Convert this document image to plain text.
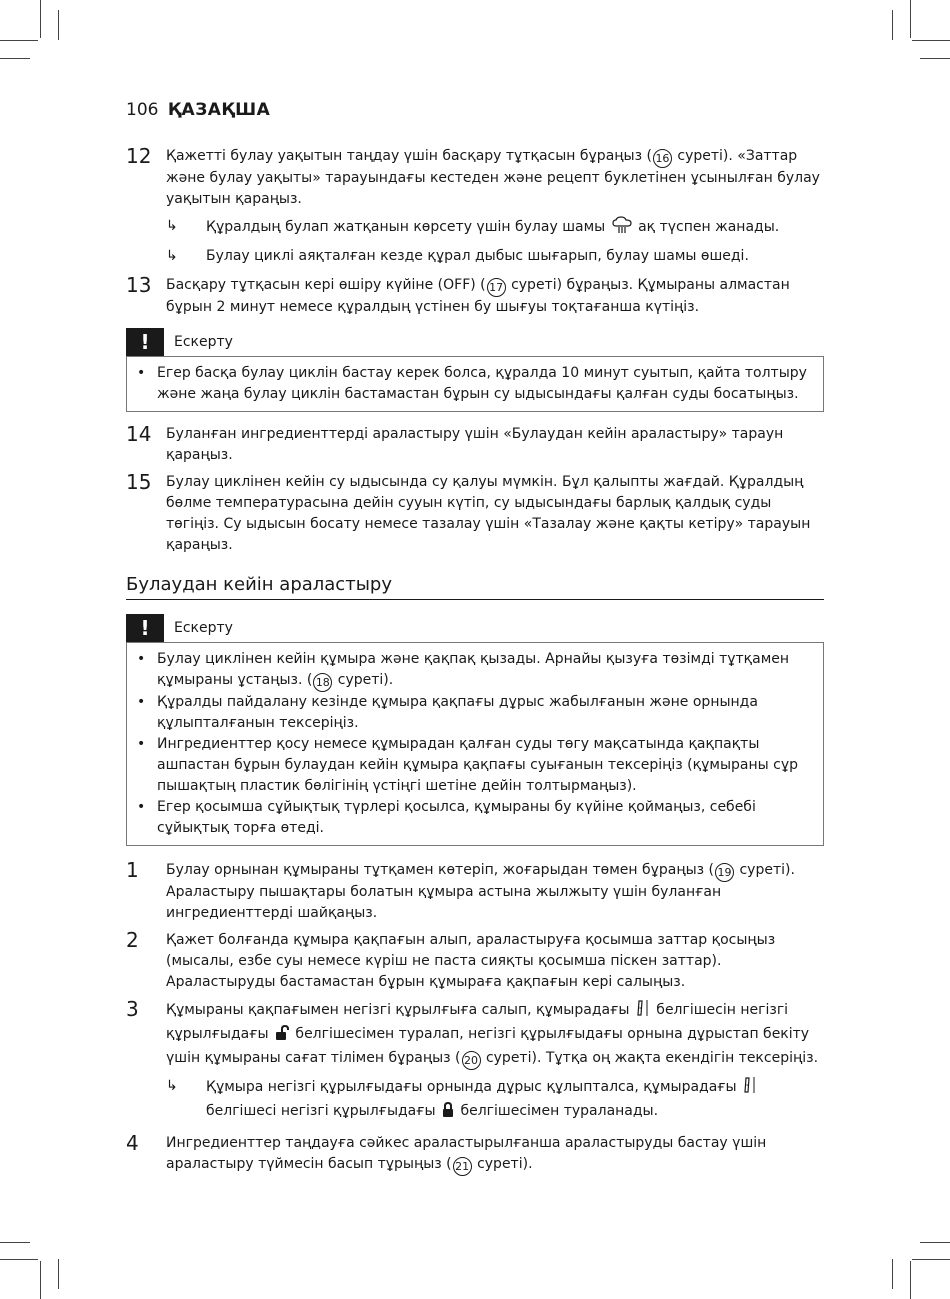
106 ҚАЗАҚША
12 Қажетті булау уақытын таңдау үшін басқару тұтқасын бұраңыз ( 16 суреті). «Заттар және булау уақыты» тарауындағы кестеден және рецепт буклетінен ұсынылған булау уақытын қараңыз.

↳ Құралдың булап жатқанын көрсету үшін булау шамы  ақ түспен жанады.
↳ Булау циклі аяқталған кезде құрал дыбыс шығарып, булау шамы өшеді.
13 Басқару тұтқасын кері өшіру күйіне (OFF) ( 17 суреті) бұраңыз. Құмыраны алмастан бұрын 2 минут немесе құралдың үстінен бу шығуы тоқтағанша күтіңіз.

!	Ескерту

• Егер басқа булау циклін бастау керек болса, құралда 10 минут суытып, қайта толтыру және жаңа булау циклін бастамастан бұрын су ыдысындағы қалған суды босатыңыз.

14 Буланған ингредиенттерді араластыру үшін «Булаудан кейін араластыру» тараун қараңыз.

15 Булау циклінен кейін су ыдысында су қалуы мүмкін. Бұл қалыпты жағдай. Құралдың бөлме температурасына дейін сууын күтіп, су ыдысындағы барлық қалдық суды төгіңіз. Су ыдысын босату немесе тазалау үшін «Тазалау және қақты кетіру» тарауын қараңыз.

Булаудан кейін араластыру
!	Ескерту

• Булау циклінен кейін құмыра және қақпақ қызады. Арнайы қызуға төзімді тұтқамен құмыраны ұстаңыз. ( 18 суреті).

• Құралды пайдалану кезінде құмыра қақпағы дұрыс жабылғанын және орнында құлыпталғанын тексеріңіз.

• Ингредиенттер қосу немесе құмырадан қалған суды төгу мақсатында қақпақты ашпастан бұрын булаудан кейін құмыра қақпағы суығанын тексеріңіз (құмыраны сұр пышақтың пластик бөлігінің үстіңгі шетіне дейін толтырмаңыз).

• Егер қосымша сұйықтық түрлері қосылса, құмыраны бу күйіне қоймаңыз, себебі сұйықтық торға өтеді.

1 Булау орнынан құмыраны тұтқамен көтеріп, жоғарыдан төмен бұраңыз ( 19 суреті). Араластыру пышақтары болатын құмыра астына жылжыту үшін буланған ингредиенттерді шайқаңыз.

2 Қажет болғанда құмыра қақпағын алып, араластыруға қосымша заттар қосыңыз (мысалы, езбе суы немесе күріш не паста сияқты қосымша піскен заттар). Араластыруды бастамастан бұрын құмыраға қақпағын кері салыңыз.

3 Құмыраны қақпағымен негізгі құрылғыға салып, құмырадағы  белгішесін негізгі құрылғыдағы  белгішесімен туралап, негізгі құрылғыдағы орнына дұрыстап бекіту үшін құмыраны сағат тілімен бұраңыз ( 20 суреті). Тұтқа оң жақта екендігін тексеріңіз.

↳ Құмыра негізгі құрылғыдағы орнында дұрыс құлыпталса, құмырадағы  белгішесі негізгі құрылғыдағы  белгішесімен тураланады.
4 Ингредиенттер таңдауға сәйкес араластырылғанша араластыруды бастау үшін араластыру түймесін басып тұрыңыз ( 21 суреті).
